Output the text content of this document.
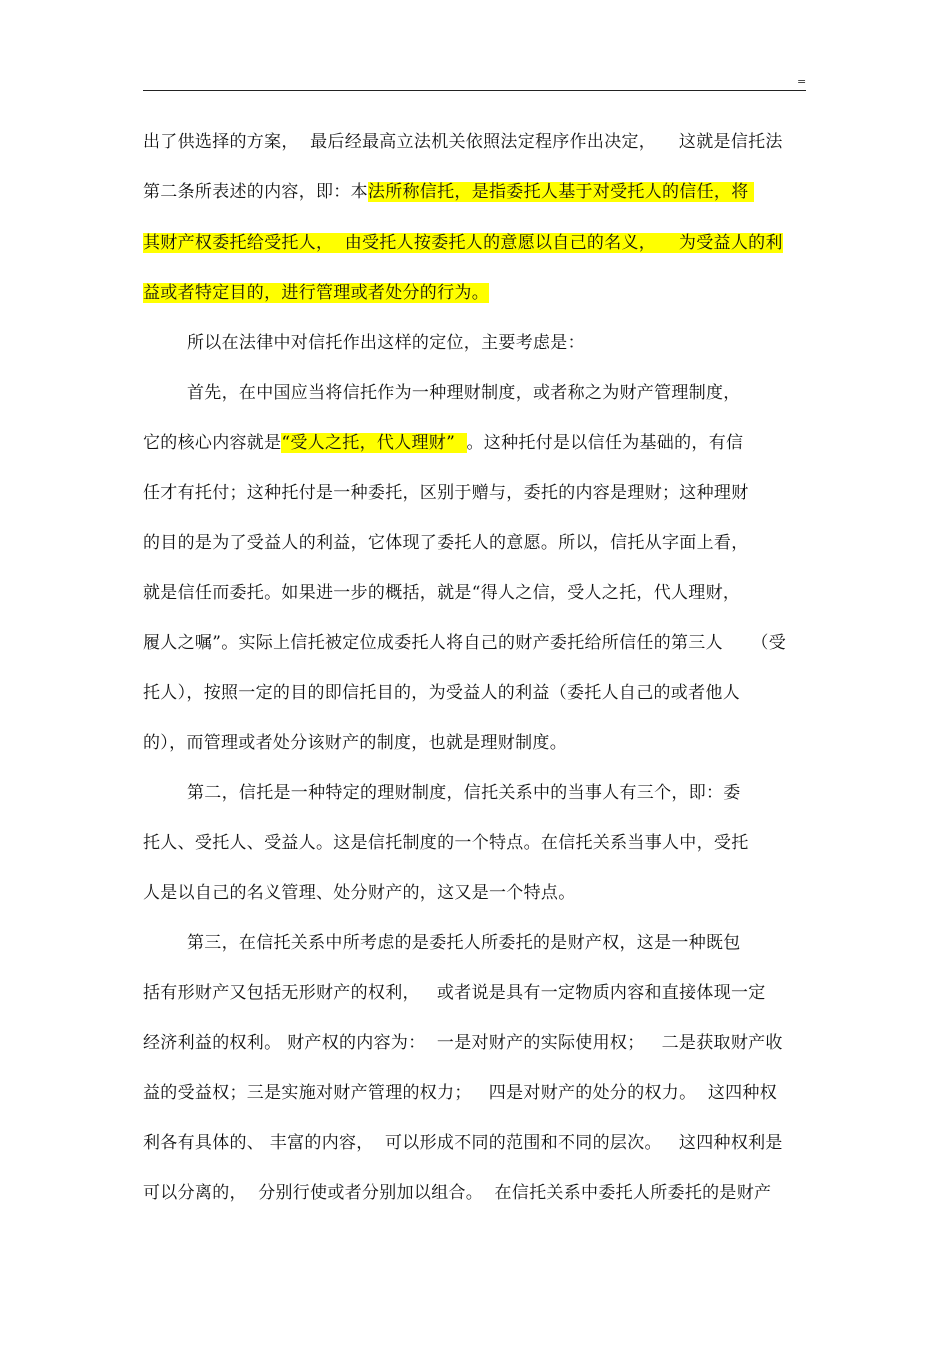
=
出了供选择的方案，  最后经最高立法机关依照法定程序作出决定，    这就是信托法
第二条所表述的内容，即：本法所称信托，是指委托人基于对受托人的信任，将
其财产权委托给受托人，  由受托人按委托人的意愿以自己的名义，    为受益人的利
益或者特定目的，进行管理或者处分的行为。
所以在法律中对信托作出这样的定位，主要考虑是：
首先，在中国应当将信托作为一种理财制度，或者称之为财产管理制度，
它的核心内容就是“受人之托，代人理财”  。这种托付是以信任为基础的，有信
任才有托付；这种托付是一种委托，区别于赠与，委托的内容是理财；这种理财
的目的是为了受益人的利益，它体现了委托人的意愿。所以，信托从字面上看，
就是信任而委托。如果进一步的概括，就是“得人之信，受人之托，代人理财，
履人之嘱”。实际上信托被定位成委托人将自己的财产委托给所信任的第三人     （受
托人），按照一定的目的即信托目的，为受益人的利益（委托人自己的或者他人
的），而管理或者处分该财产的制度，也就是理财制度。
第二，信托是一种特定的理财制度，信托关系中的当事人有三个，即：委
托人、受托人、受益人。这是信托制度的一个特点。在信托关系当事人中，受托
人是以自己的名义管理、处分财产的，这又是一个特点。
第三，在信托关系中所考虑的是委托人所委托的是财产权，这是一种既包
括有形财产又包括无形财产的权利，   或者说是具有一定物质内容和直接体现一定
经济利益的权利。 财产权的内容为：  一是对财产的实际使用权；   二是获取财产收
益的受益权；三是实施对财产管理的权力；   四是对财产的处分的权力。  这四种权
利各有具体的、 丰富的内容，  可以形成不同的范围和不同的层次。   这四种权利是
可以分离的，  分别行使或者分别加以组合。  在信托关系中委托人所委托的是财产
